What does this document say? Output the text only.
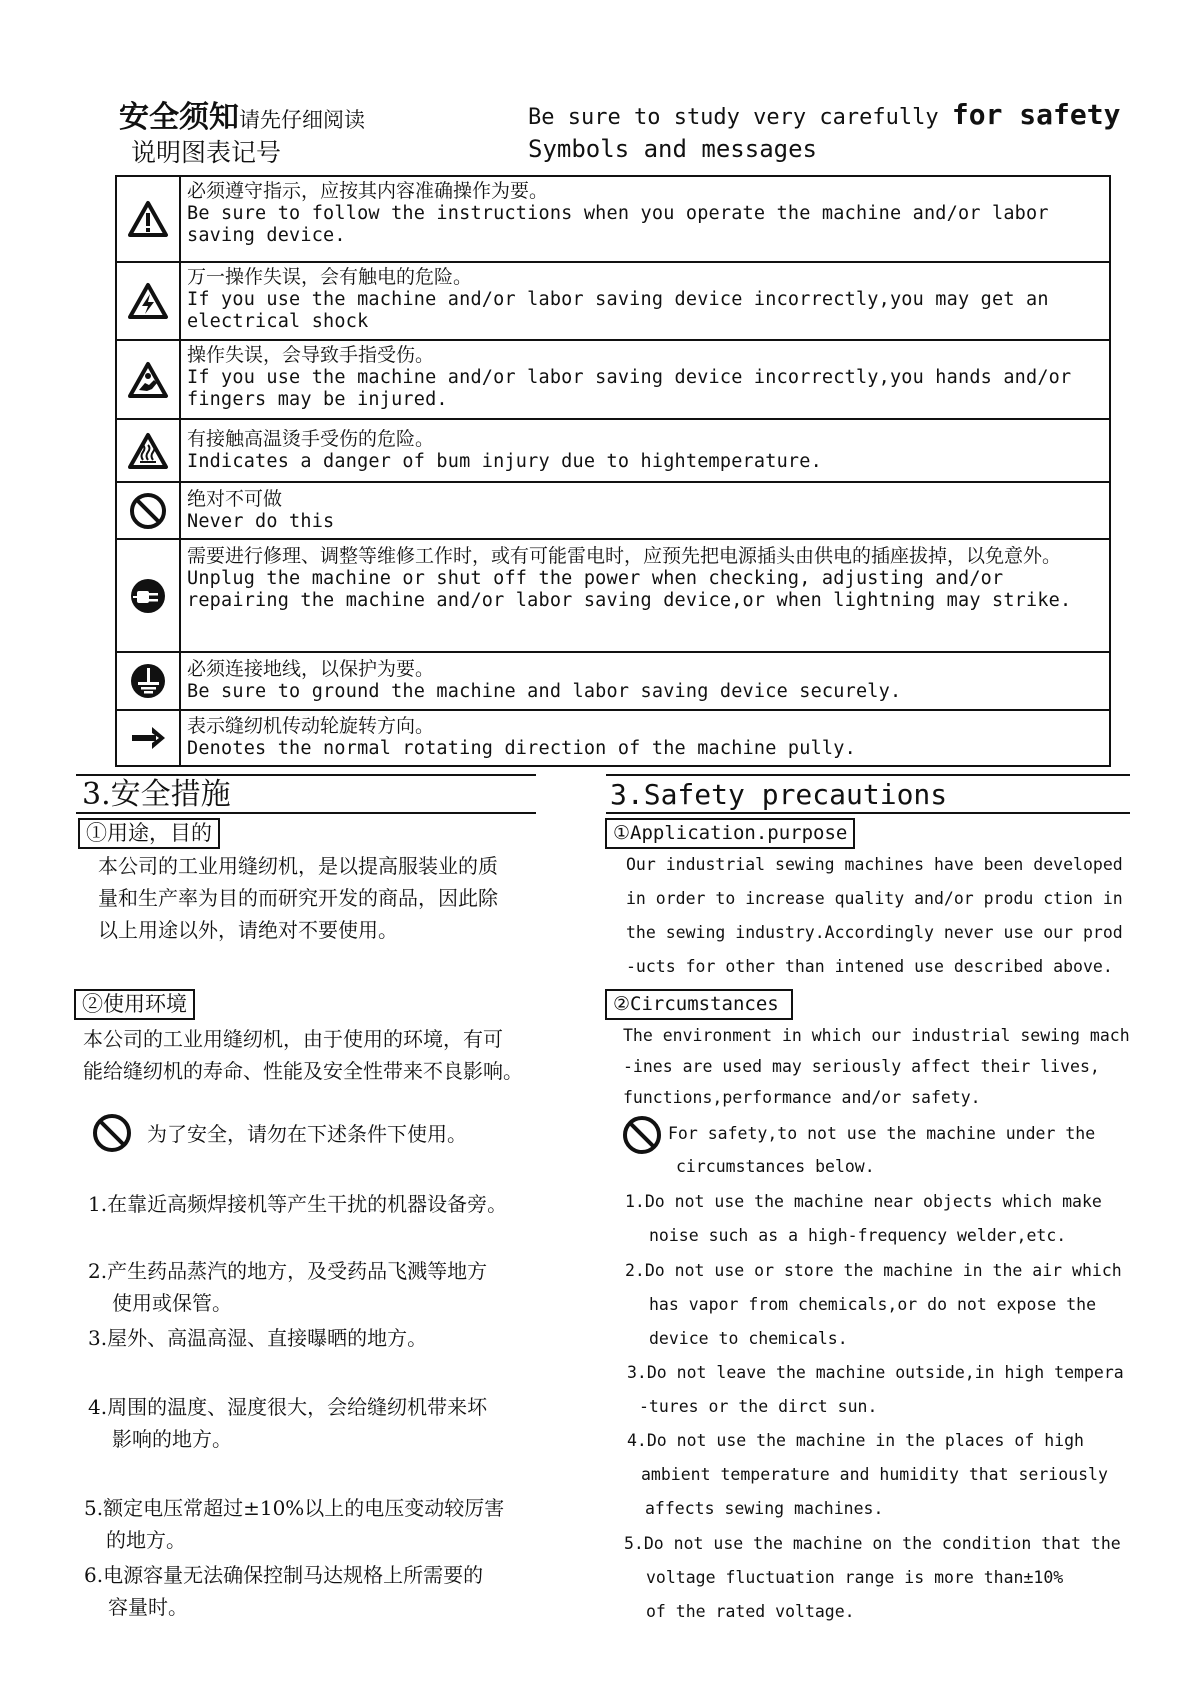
安全须知请先仔细阅读
说明图表记号
Be sure to study very carefully for safety
Symbols and messages
必须遵守指示，应按其内容准确操作为要。
Be sure to follow the instructions when you operate the machine and/or labor saving device.
万一操作失误，会有触电的危险。
If you use the machine and/or labor saving device incorrectly,you may get an electrical shock
操作失误，会导致手指受伤。
If you use the machine and/or labor saving device incorrectly,you hands and/or fingers may be injured.
有接触高温烫手受伤的危险。
Indicates a danger of bum injury due to hightemperature.
绝对不可做
Never do this
需要进行修理、调整等维修工作时，或有可能雷电时，应预先把电源插头由供电的插座拔掉，以免意外。
Unplug the machine or shut off the power when checking, adjusting and/or repairing the machine and/or labor saving device,or when lightning may strike.
必须连接地线，以保护为要。
Be sure to ground the machine and labor saving device securely.
表示缝纫机传动轮旋转方向。
Denotes the normal rotating direction of the machine pully.
3.安全措施
①用途，目的
本公司的工业用缝纫机，是以提高服装业的质
量和生产率为目的而研究开发的商品，因此除
以上用途以外，请绝对不要使用。
②使用环境
本公司的工业用缝纫机，由于使用的环境，有可
能给缝纫机的寿命、性能及安全性带来不良影响。
为了安全，请勿在下述条件下使用。
1.在靠近高频焊接机等产生干扰的机器设备旁。
2.产生药品蒸汽的地方，及受药品飞溅等地方
使用或保管。
3.屋外、高温高湿、直接曝晒的地方。
4.周围的温度、湿度很大，会给缝纫机带来坏
影响的地方。
5.额定电压常超过±10%以上的电压变动较厉害
的地方。
6.电源容量无法确保控制马达规格上所需要的
容量时。
3.Safety precautions
①Application.purpose
Our industrial sewing machines have been developed
in order to increase quality and/or produ ction in
the sewing industry.Accordingly never use our prod
-ucts for other than intened use described above.
②Circumstances
The environment in which our industrial sewing mach
-ines are used may seriously affect their lives,
functions,performance and/or safety.
For safety,to not use the machine under the
circumstances below.
1.Do not use the machine near objects which make
noise such as a high-frequency welder,etc.
2.Do not use or store the machine in the air which
has vapor from chemicals,or do not expose the
device to chemicals.
3.Do not leave the machine outside,in high tempera
-tures or the dirct sun.
4.Do not use the machine in the places of high
ambient temperature and humidity that seriously
affects sewing machines.
5.Do not use the machine on the condition that the
voltage fluctuation range is more than±10%
of the rated voltage.
